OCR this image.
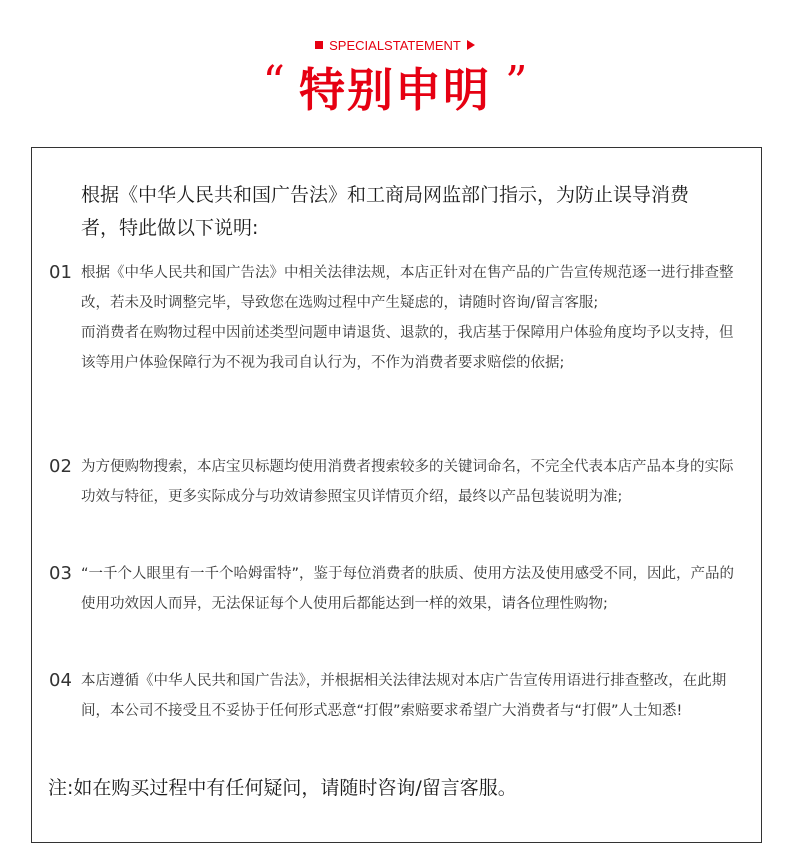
SPECIALSTATEMENT
“ 特别申明 ”
根据《中华人民共和国广告法》和工商局网监部门指示，为防止误导消费者，特此做以下说明:
01 根据《中华人民共和国广告法》中相关法律法规，本店正针对在售产品的广告宣传规范逐一进行排查整改，若未及时调整完毕，导致您在选购过程中产生疑虑的，请随时咨询/留言客服;

而消费者在购物过程中因前述类型问题申请退货、退款的，我店基于保障用户体验角度均予以支持，但该等用户体验保障行为不视为我司自认行为，不作为消费者要求赔偿的依据;

02 为方便购物搜索，本店宝贝标题均使用消费者搜索较多的关键词命名，不完全代表本店产品本身的实际功效与特征，更多实际成分与功效请参照宝贝详情页介绍，最终以产品包装说明为准;

03 “一千个人眼里有一千个哈姆雷特”，鉴于每位消费者的肤质、使用方法及使用感受不同，因此，产品的使用功效因人而异，无法保证每个人使用后都能达到一样的效果，请各位理性购物;

04 本店遵循《中华人民共和国广告法》，并根据相关法律法规对本店广告宣传用语进行排查整改，在此期间，本公司不接受且不妥协于任何形式恶意“打假”索赔要求希望广大消费者与“打假”人士知悉!

注:如在购买过程中有任何疑问，请随时咨询/留言客服。
